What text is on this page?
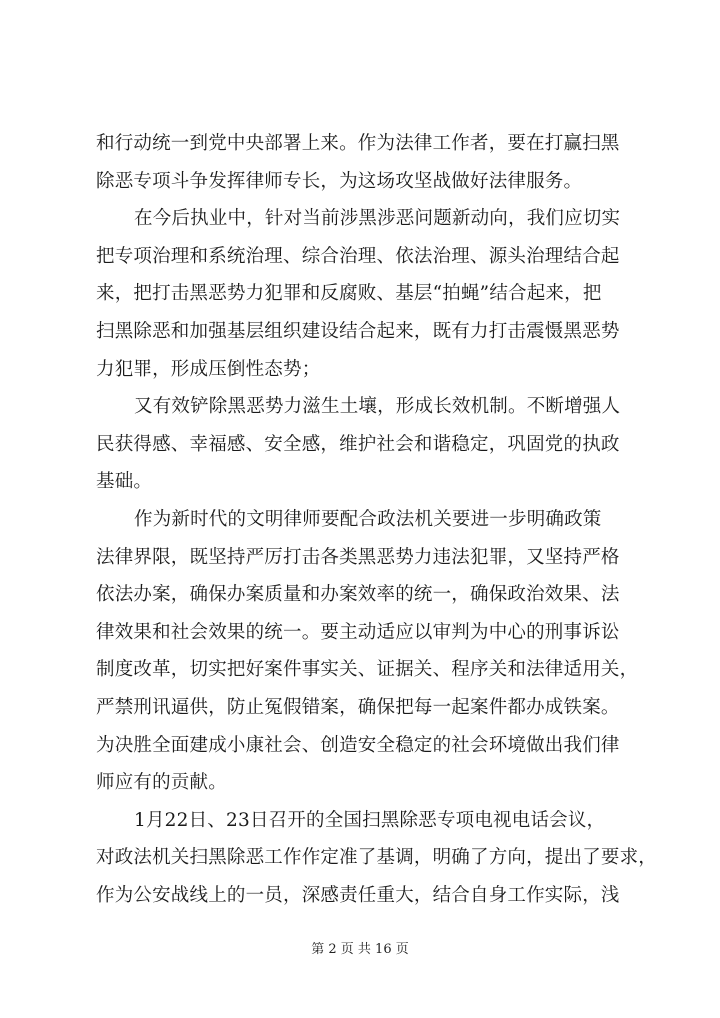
和行动统一到党中央部署上来。作为法律工作者，要在打赢扫黑
除恶专项斗争发挥律师专长，为这场攻坚战做好法律服务。
在今后执业中，针对当前涉黑涉恶问题新动向，我们应切实
把专项治理和系统治理、综合治理、依法治理、源头治理结合起
来，把打击黑恶势力犯罪和反腐败、基层“拍蝇”结合起来，把
扫黑除恶和加强基层组织建设结合起来，既有力打击震慑黑恶势
力犯罪，形成压倒性态势；
又有效铲除黑恶势力滋生土壤，形成长效机制。不断增强人
民获得感、幸福感、安全感，维护社会和谐稳定，巩固党的执政
基础。
作为新时代的文明律师要配合政法机关要进一步明确政策
法律界限，既坚持严厉打击各类黑恶势力违法犯罪，又坚持严格
依法办案，确保办案质量和办案效率的统一，确保政治效果、法
律效果和社会效果的统一。要主动适应以审判为中心的刑事诉讼
制度改革，切实把好案件事实关、证据关、程序关和法律适用关，
严禁刑讯逼供，防止冤假错案，确保把每一起案件都办成铁案。
为决胜全面建成小康社会、创造安全稳定的社会环境做出我们律
师应有的贡献。
1月22日、23日召开的全国扫黑除恶专项电视电话会议，
对政法机关扫黑除恶工作作定准了基调，明确了方向，提出了要求，
作为公安战线上的一员，深感责任重大，结合自身工作实际，浅
第 2 页 共 16 页
